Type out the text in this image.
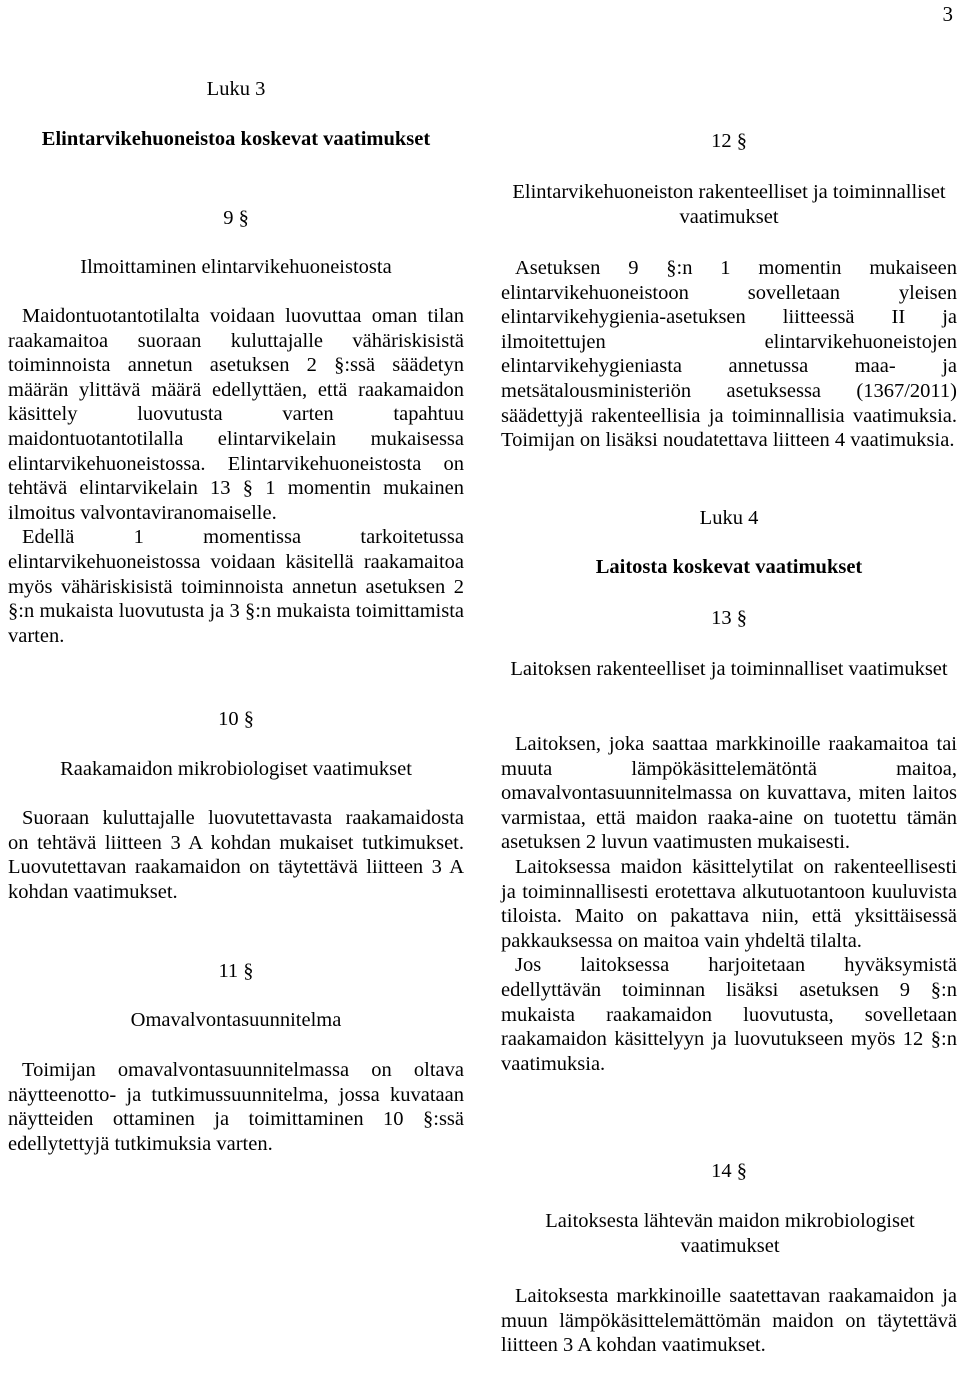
3
Luku 3
Elintarvikehuoneistoa koskevat vaatimukset
9 §
Ilmoittaminen elintarvikehuoneistosta

Maidontuotantotilalta voidaan luovuttaa oman tilan raakamaitoa suoraan kuluttajalle vähäriskisistä toiminnoista annetun asetuksen 2 §:ssä säädetyn määrän ylittävä määrä edellyttäen, että raakamaidon käsittely luovutusta varten tapahtuu maidontuotantotilalla elintarvikelain mukaisessa elintarvikehuoneistossa. Elintarvikehuoneistosta on tehtävä elintarvikelain 13 § 1 momentin mukainen ilmoitus valvontaviranomaiselle.

Edellä 1 momentissa tarkoitetussa elintarvikehuoneistossa voidaan käsitellä raakamaitoa myös vähäriskisistä toiminnoista annetun asetuksen 2 §:n mukaista luovutusta ja 3 §:n mukaista toimittamista varten.

10 §
Raakamaidon mikrobiologiset vaatimukset

Suoraan kuluttajalle luovutettavasta raakamaidosta on tehtävä liitteen 3 A kohdan mukaiset tutkimukset. Luovutettavan raakamaidon on täytettävä liitteen 3 A kohdan vaatimukset.

11 §
Omavalvontasuunnitelma

Toimijan omavalvontasuunnitelmassa on oltava näytteenotto- ja tutkimussuunnitelma, jossa kuvataan näytteiden ottaminen ja toimittaminen 10 §:ssä edellytettyjä tutkimuksia varten.

12 §
Elintarvikehuoneiston rakenteelliset ja toiminnalliset vaatimukset

Asetuksen 9 §:n 1 momentin mukaiseen elintarvikehuoneistoon sovelletaan yleisen elintarvikehygienia-asetuksen liitteessä II ja ilmoitettujen elintarvikehuoneistojen elintarvikehygieniasta annetussa maa- ja metsätalousministeriön asetuksessa (1367/2011) säädettyjä rakenteellisia ja toiminnallisia vaatimuksia. Toimijan on lisäksi noudatettava liitteen 4 vaatimuksia.

Luku 4
Laitosta koskevat vaatimukset
13 §
Laitoksen rakenteelliset ja toiminnalliset vaatimukset

Laitoksen, joka saattaa markkinoille raakamaitoa tai muuta lämpökäsittelemätöntä maitoa, omavalvontasuunnitelmassa on kuvattava, miten laitos varmistaa, että maidon raaka-aine on tuotettu tämän asetuksen 2 luvun vaatimusten mukaisesti.

Laitoksessa maidon käsittelytilat on rakenteellisesti ja toiminnallisesti erotettava alkutuotantoon kuuluvista tiloista. Maito on pakattava niin, että yksittäisessä pakkauksessa on maitoa vain yhdeltä tilalta.

Jos laitoksessa harjoitetaan hyväksymistä edellyttävän toiminnan lisäksi asetuksen 9 §:n mukaista raakamaidon luovutusta, sovelletaan raakamaidon käsittelyyn ja luovutukseen myös 12 §:n vaatimuksia.

14 §
Laitoksesta lähtevän maidon mikrobiologiset vaatimukset

Laitoksesta markkinoille saatettavan raakamaidon ja muun lämpökäsittelemättömän maidon on täytettävä liitteen 3 A kohdan vaatimukset.
